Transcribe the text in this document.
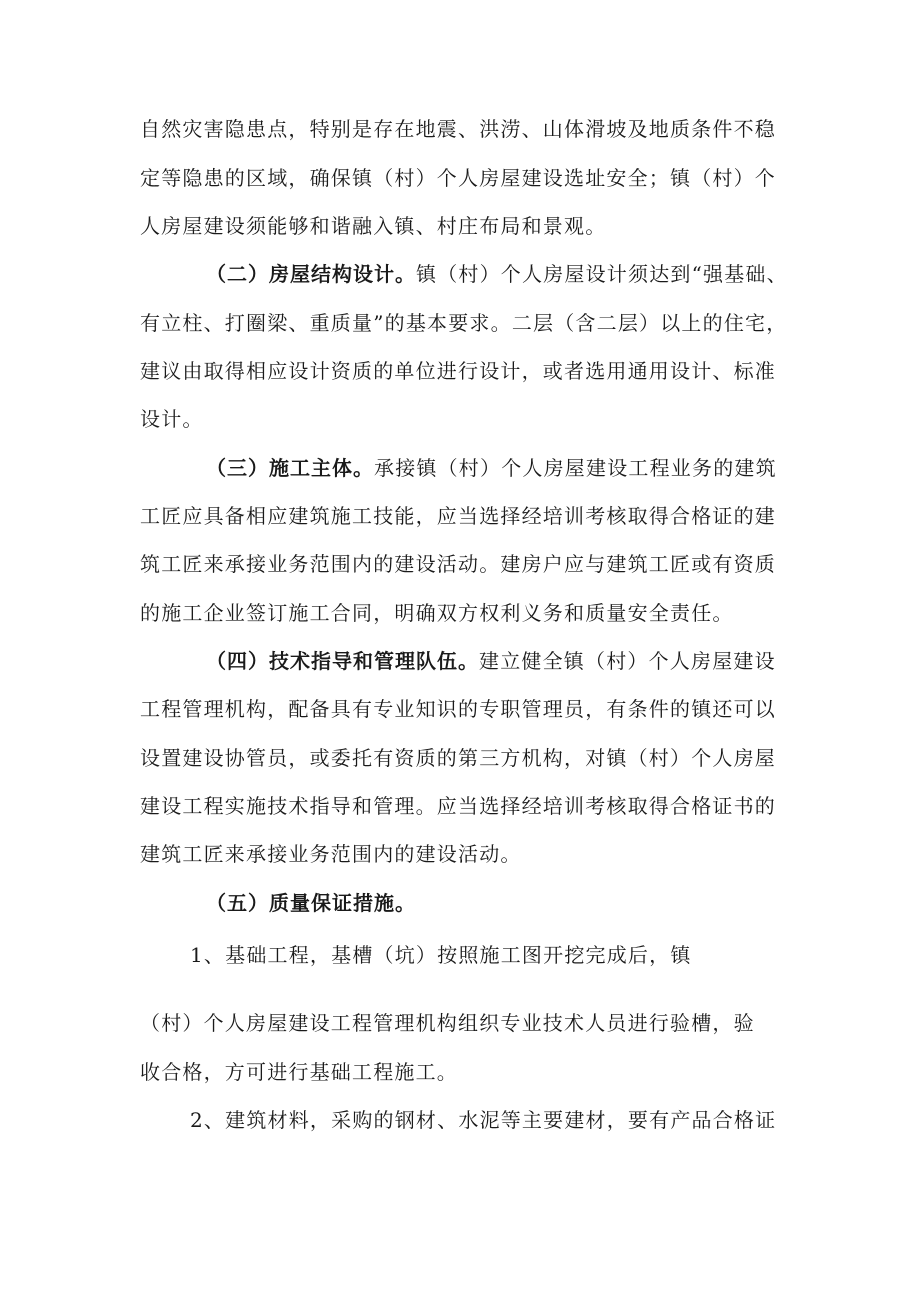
自然灾害隐患点，特别是存在地震、洪涝、山体滑坡及地质条件不稳
定等隐患的区域，确保镇（村）个人房屋建设选址安全；镇（村）个
人房屋建设须能够和谐融入镇、村庄布局和景观。
（二）房屋结构设计。镇（村）个人房屋设计须达到“强基础、
有立柱、打圈梁、重质量”的基本要求。二层（含二层）以上的住宅，
建议由取得相应设计资质的单位进行设计，或者选用通用设计、标准
设计。
（三）施工主体。承接镇（村）个人房屋建设工程业务的建筑
工匠应具备相应建筑施工技能，应当选择经培训考核取得合格证的建
筑工匠来承接业务范围内的建设活动。建房户应与建筑工匠或有资质
的施工企业签订施工合同，明确双方权利义务和质量安全责任。
（四）技术指导和管理队伍。建立健全镇（村）个人房屋建设
工程管理机构，配备具有专业知识的专职管理员，有条件的镇还可以
设置建设协管员，或委托有资质的第三方机构，对镇（村）个人房屋
建设工程实施技术指导和管理。应当选择经培训考核取得合格证书的
建筑工匠来承接业务范围内的建设活动。
（五）质量保证措施。
1、基础工程，基槽（坑）按照施工图开挖完成后，镇
（村）个人房屋建设工程管理机构组织专业技术人员进行验槽，验
收合格，方可进行基础工程施工。
2、建筑材料，采购的钢材、水泥等主要建材，要有产品合格证
